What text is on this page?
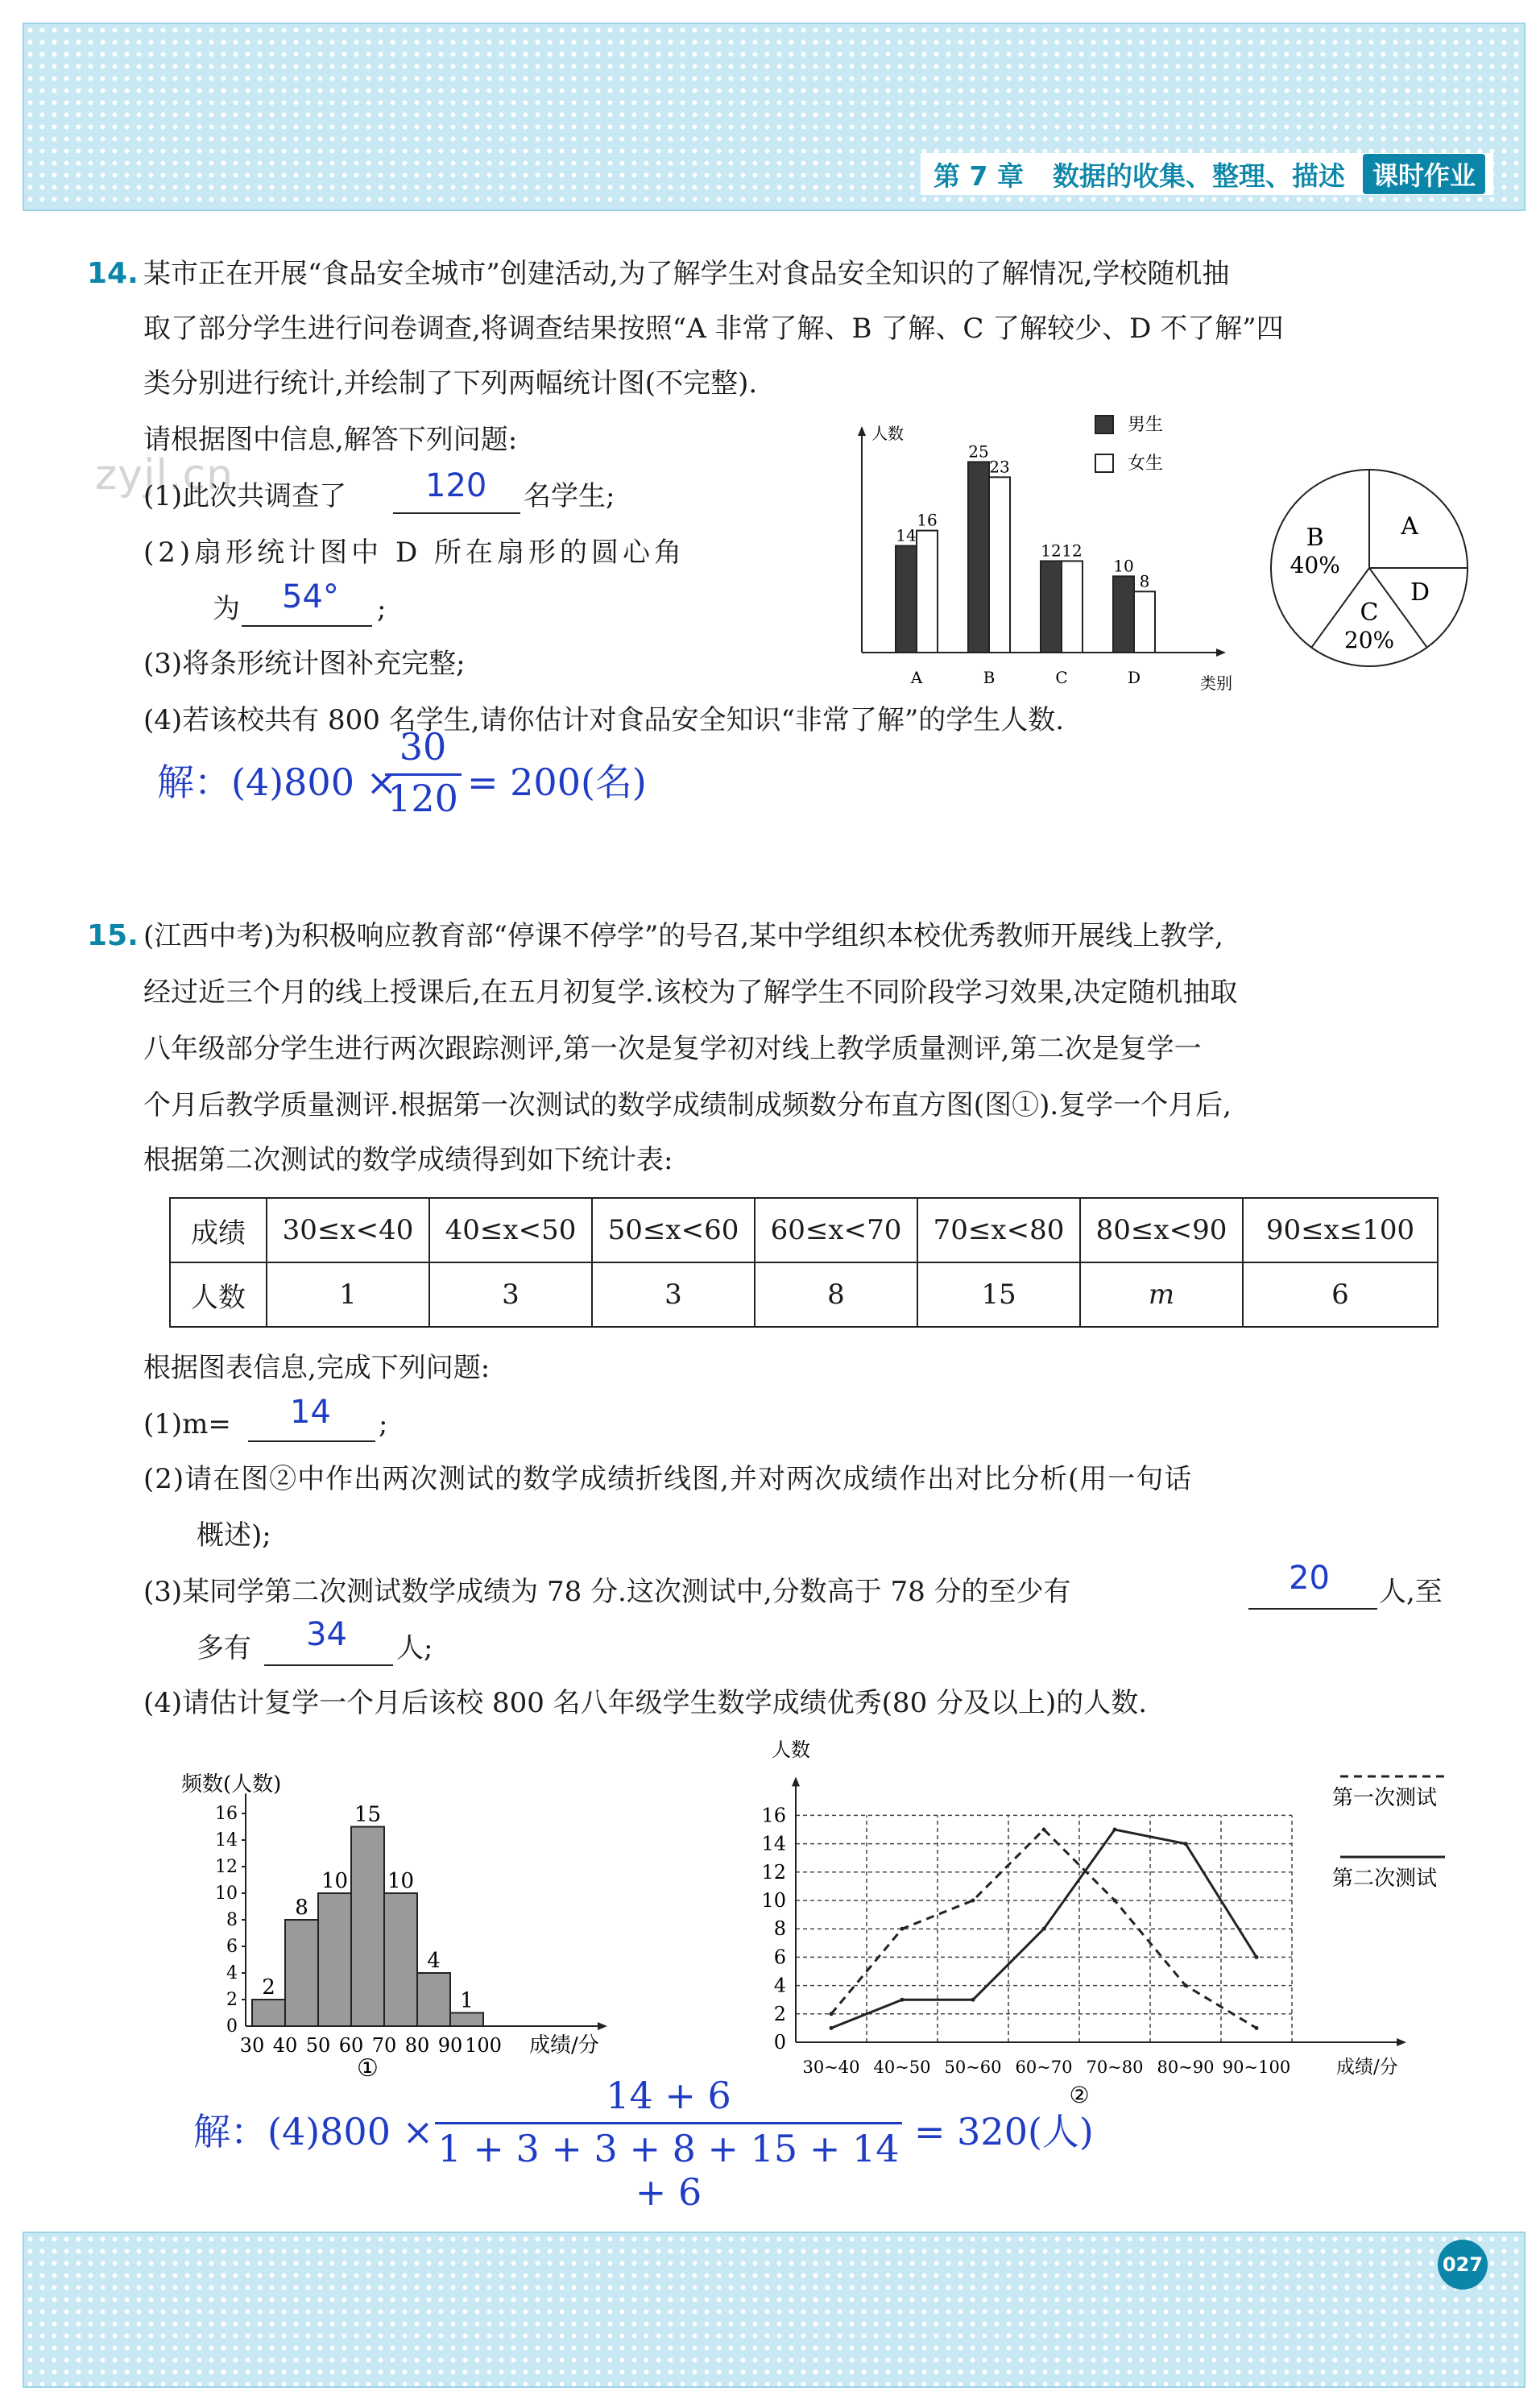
第 7 章 数据的收集、整理、描述	课时作业
zyjl.cn
14. 某市正在开展“食品安全城市”创建活动,为了解学生对食品安全知识的了解情况,学校随机抽
取了部分学生进行问卷调查,将调查结果按照“A 非常了解、B 了解、C 了解较少、D 不了解”四
类分别进行统计,并绘制了下列两幅统计图(不完整).
请根据图中信息,解答下列问题:
(1)此次共调查了 120 名学生;
(2)扇形统计图中 D 所在扇形的圆心角
为 54° ;
(3)将条形统计图补充完整;
(4)若该校共有 800 名学生,请你估计对食品安全知识“非常了解”的学生人数.
解：(4)800 ×
30
120 = 200(名)
人数
类别
14
16
A
25
23
B
12 12
C
10
8
D
男生
女生
A
D
C
20%
B
40%
15. (江西中考)为积极响应教育部“停课不停学”的号召,某中学组织本校优秀教师开展线上教学,
经过近三个月的线上授课后,在五月初复学.该校为了解学生不同阶段学习效果,决定随机抽取
八年级部分学生进行两次跟踪测评,第一次是复学初对线上教学质量测评,第二次是复学一
个月后教学质量测评.根据第一次测试的数学成绩制成频数分布直方图(图①).复学一个月后,
根据第二次测试的数学成绩得到如下统计表:
成绩	30≤x<40	40≤x<50	50≤x<60	60≤x<70	70≤x<80	80≤x<90	90≤x≤100
人数	1	3	3	8	15	m	6
根据图表信息,完成下列问题:
(1)m= 14 ;
(2)请在图②中作出两次测试的数学成绩折线图,并对两次成绩作出对比分析(用一句话
概述);
(3)某同学第二次测试数学成绩为 78 分.这次测试中,分数高于 78 分的至少有	20 人,至
多有 34 人;
(4)请估计复学一个月后该校 800 名八年级学生数学成绩优秀(80 分及以上)的人数.
频数(人数)
成绩/分
2
4
6
8
10
12
14
16
0
2
8
10
15
10
4
1
30 40 50 60 70 80 90 100
①
人数
0
2
4
6
8
10
12
14
16
30~40 40~50 50~60 60~70 70~80 80~90 90~100 成绩/分
第一次测试
第二次测试
②
解：(4)800 ×
14 + 6
1 + 3 + 3 + 8 + 15 + 14 + 6
= 320(人)
027
